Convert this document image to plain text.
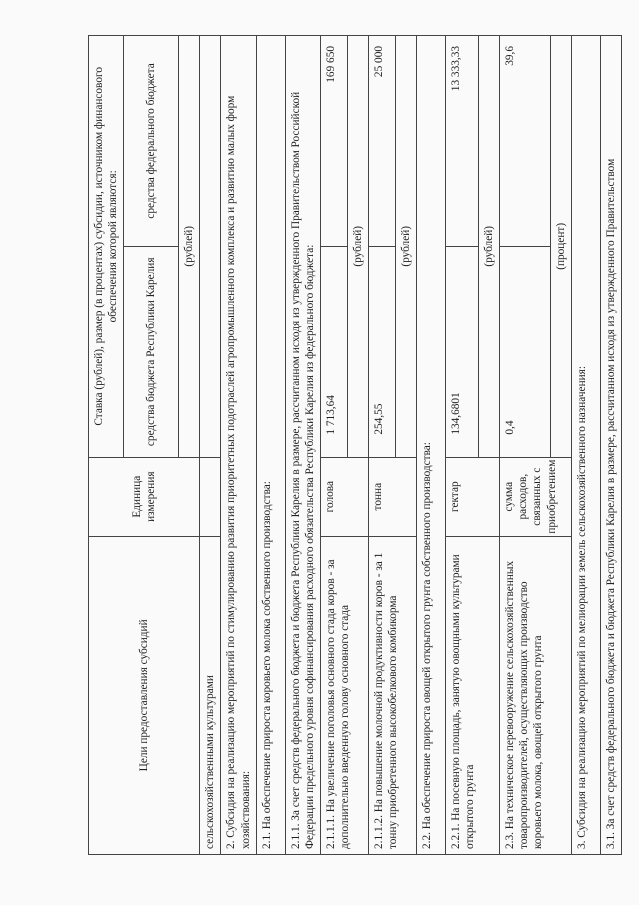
Цели предоставления субсидий	Единица измерения	Ставка (рублей), размер (в процентах) субсидии, источником финансового обеспечения которой являются:	
		средства бюджета Республики Карелия	средства федерального бюджета
		(рублей)	
сельскохозяйственными культурами			
2. Субсидия на реализацию мероприятий по стимулированию развития приоритетных подотраслей агропромышленного комплекса и развитию малых форм хозяйствования:			
2.1. На обеспечение прироста коровьего молока собственного производства:			
2.1.1. За счет средств федерального бюджета и бюджета Республики Карелия в размере, рассчитанном исходя из утвержденного Правительством Российской Федерации предельного уровня софинансирования расходного обязательства Республики Карелия из федерального бюджета:			
2.1.1.1. На увеличение поголовья основного стада коров - за дополнительно введенную голову основного стада	голова	1 713,64	169 650
		(рублей)	
2.1.1.2. На повышение молочной продуктивности коров - за 1 тонну приобретенного высокобелкового комбикорма	тонна	254,55	25 000
		(рублей)	
2.2. На обеспечение прироста овощей открытого грунта собственного производства:			
2.2.1. На посевную площадь, занятую овощными культурами открытого грунта	гектар	134,6801	13 333,33
		(рублей)	
2.3. На техническое перевооружение сельскохозяйственных товаропроизводителей, осуществляющих производство коровьего молока, овощей открытого грунта	сумма расходов, связанных с приобретением	0,4	39,6
		(процент)	
3. Субсидия на реализацию мероприятий по мелиорации земель сельскохозяйственного назначения:			
3.1. За счет средств федерального бюджета и бюджета Республики Карелия в размере, рассчитанном исходя из утвержденного Правительством			
